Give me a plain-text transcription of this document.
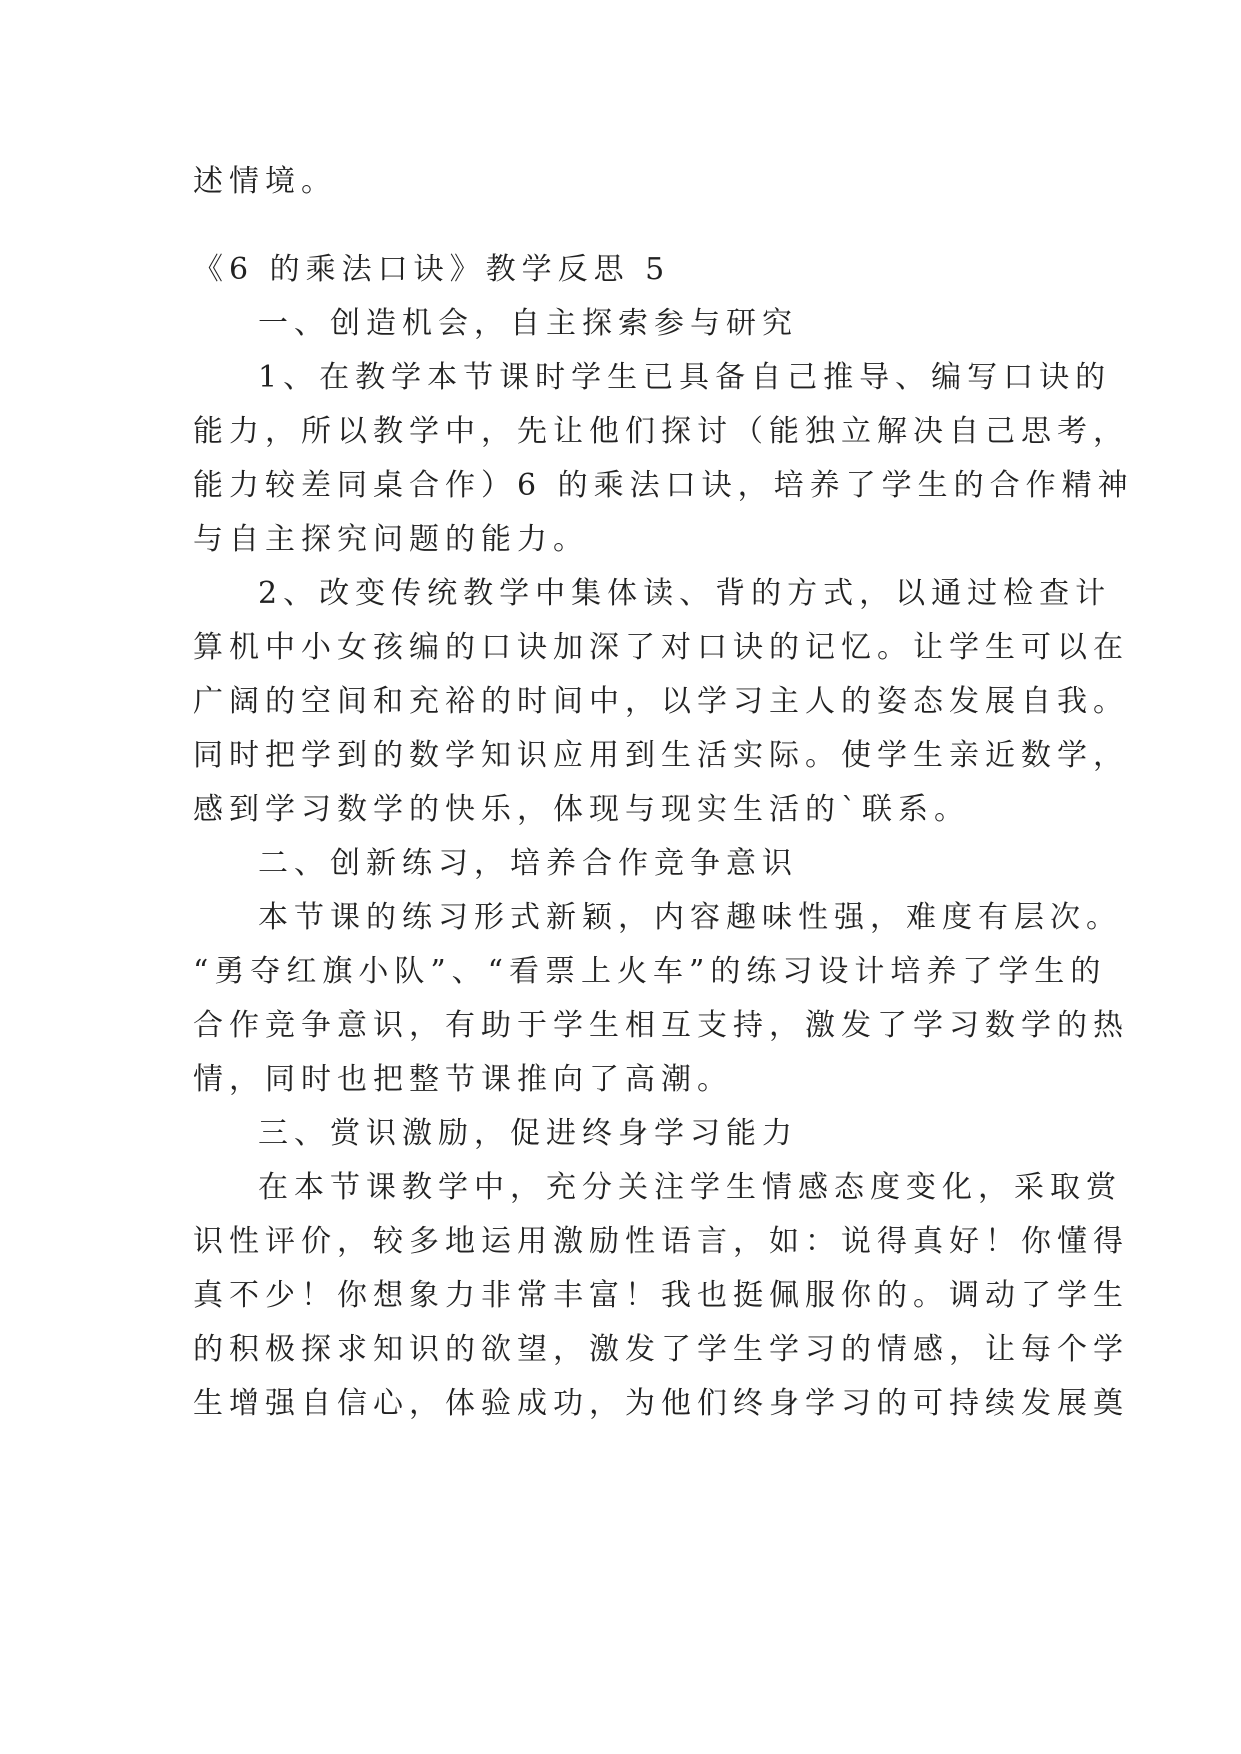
述情境。
《6 的乘法口诀》教学反思 5
一、创造机会，自主探索参与研究
1、在教学本节课时学生已具备自己推导、编写口诀的
能力，所以教学中，先让他们探讨（能独立解决自己思考，
能力较差同桌合作）6 的乘法口诀，培养了学生的合作精神
与自主探究问题的能力。
2、改变传统教学中集体读、背的方式，以通过检查计
算机中小女孩编的口诀加深了对口诀的记忆。让学生可以在
广阔的空间和充裕的时间中，以学习主人的姿态发展自我。
同时把学到的数学知识应用到生活实际。使学生亲近数学，
感到学习数学的快乐，体现与现实生活的`联系。
二、创新练习，培养合作竞争意识
本节课的练习形式新颖，内容趣味性强，难度有层次。
“勇夺红旗小队”、“看票上火车”的练习设计培养了学生的
合作竞争意识，有助于学生相互支持，激发了学习数学的热
情，同时也把整节课推向了高潮。
三、赏识激励，促进终身学习能力
在本节课教学中，充分关注学生情感态度变化，采取赏
识性评价，较多地运用激励性语言，如：说得真好！你懂得
真不少！你想象力非常丰富！我也挺佩服你的。调动了学生
的积极探求知识的欲望，激发了学生学习的情感，让每个学
生增强自信心，体验成功，为他们终身学习的可持续发展奠
